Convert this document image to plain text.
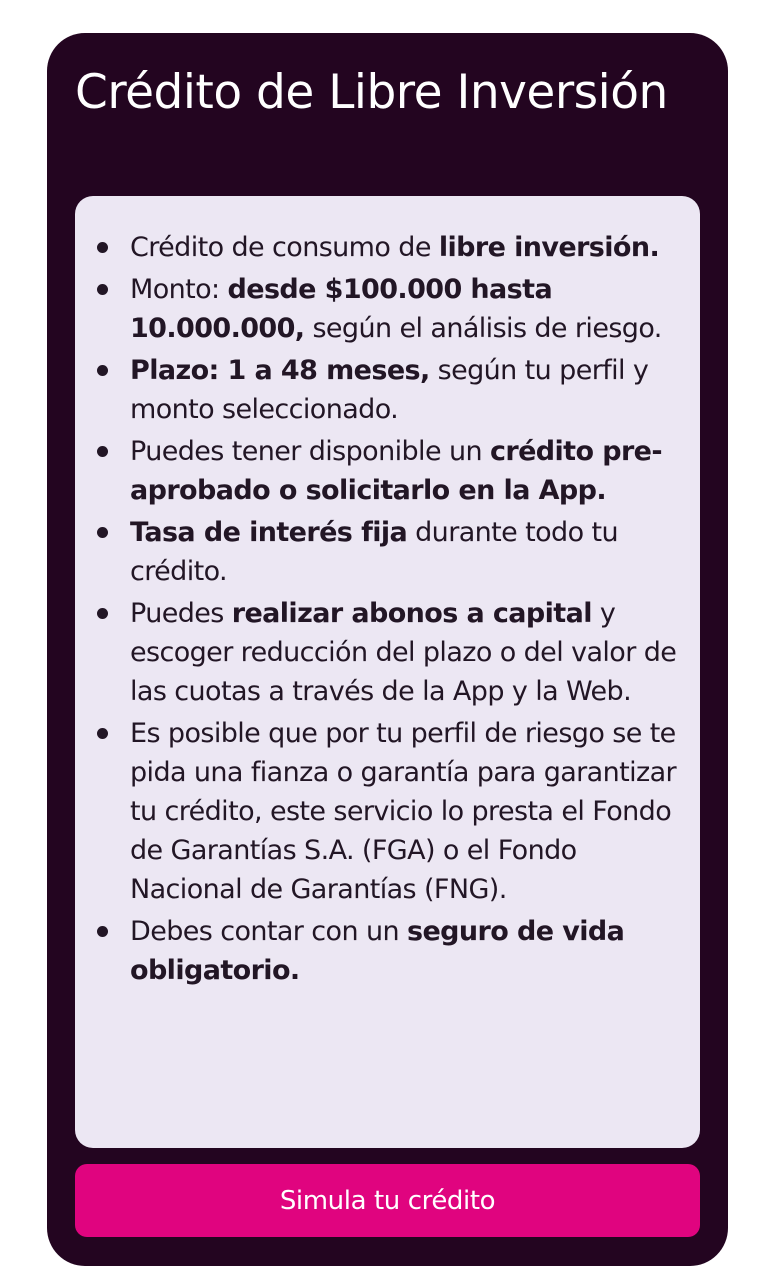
Crédito de Libre Inversión
Crédito de consumo de libre inversión.
Monto: desde $100.000 hasta 10.000.000, según el análisis de riesgo.
Plazo: 1 a 48 meses, según tu perfil y monto seleccionado.
Puedes tener disponible un crédito pre-aprobado o solicitarlo en la App.
Tasa de interés fija durante todo tu crédito.
Puedes realizar abonos a capital y escoger reducción del plazo o del valor de las cuotas a través de la App y la Web.
Es posible que por tu perfil de riesgo se te pida una fianza o garantía para garantizar tu crédito, este servicio lo presta el Fondo de Garantías S.A. (FGA) o el Fondo Nacional de Garantías (FNG).
Debes contar con un seguro de vida obligatorio.
Simula tu crédito
